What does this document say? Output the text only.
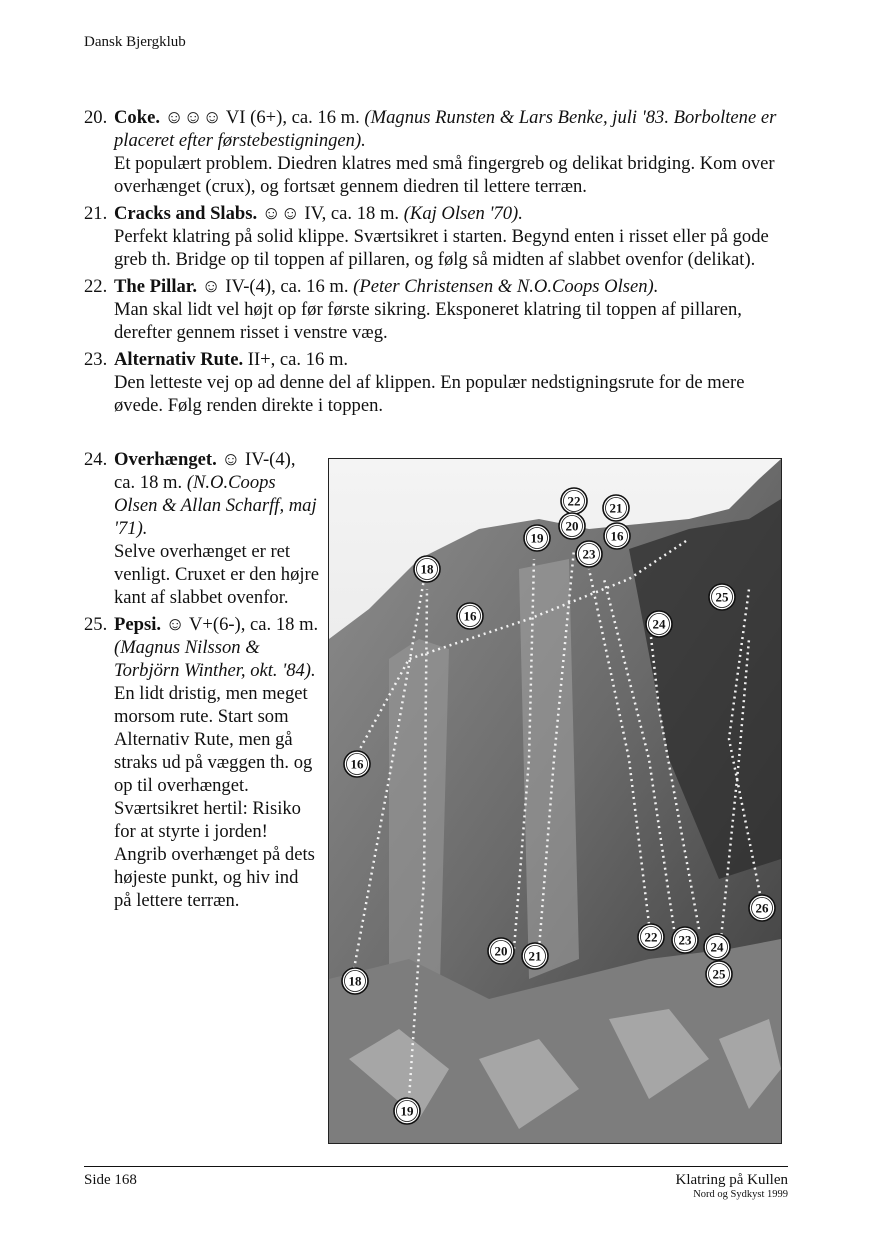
Dansk Bjergklub
20. Coke. ☺☺☺ VI (6+), ca. 16 m. (Magnus Runsten & Lars Benke, juli '83. Borboltene er placeret efter førstebestigningen).

Et populært problem. Diedren klatres med små fingergreb og delikat bridging. Kom over overhænget (crux), og fortsæt gennem diedren til lettere terræn.

21. Cracks and Slabs. ☺☺ IV, ca. 18 m. (Kaj Olsen '70).

Perfekt klatring på solid klippe. Sværtsikret i starten. Begynd enten i risset eller på gode greb th. Bridge op til toppen af pillaren, og følg så midten af slabbet ovenfor (delikat).

22. The Pillar. ☺ IV-(4), ca. 16 m. (Peter Christensen & N.O.Coops Olsen).

Man skal lidt vel højt op før første sikring. Eksponeret klatring til toppen af pillaren, derefter gennem risset i venstre væg.

23. Alternativ Rute. II+, ca. 16 m.

Den letteste vej op ad denne del af klippen. En populær nedstigningsrute for de mere øvede. Følg renden direkte i toppen.

24. Overhænget. ☺ IV-(4), ca. 18 m. (N.O.Coops Olsen & Allan Scharff, maj '71).

Selve overhænget er ret venligt. Cruxet er den højre kant af slabbet ovenfor.

25. Pepsi. ☺ V+(6-), ca. 18 m. (Magnus Nilsson & Torbjörn Winther, okt. '84).

En lidt dristig, men meget morsom rute. Start som Alternativ Rute, men gå straks ud på væggen th. og op til overhænget. Sværtsikret hertil: Risiko for at styrte i jorden! Angrib overhænget på dets højeste punkt, og hiv ind på lettere terræn.

22 21
20
16
19
23
18
16
25
24
16
26
22 23 24
25
20 21
18
19
Side 168	Klatring på Kullen
Nord og Sydkyst 1999
